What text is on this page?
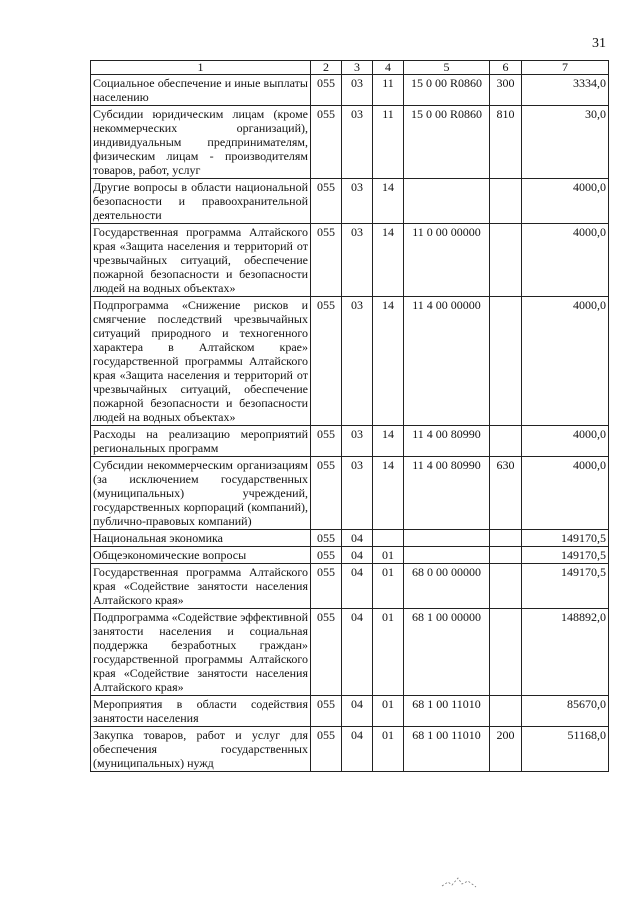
31
1	2	3	4	5	6	7
Социальное обеспечение и иные выплаты населению	055	03	11	15 0 00 R0860	300	3334,0
Субсидии юридическим лицам (кроме некоммерческих организаций), индивидуальным предпринимателям, физическим лицам - производителям товаров, работ, услуг	055	03	11	15 0 00 R0860	810	30,0
Другие вопросы в области национальной безопасности и правоохранительной деятельности	055	03	14			4000,0
Государственная программа Алтайского края «Защита населения и территорий от чрезвычайных ситуаций, обеспечение пожарной безопасности и безопасности людей на водных объектах»	055	03	14	11 0 00 00000		4000,0
Подпрограмма «Снижение рисков и смягчение последствий чрезвычайных ситуаций природного и техногенного характера в Алтайском крае» государственной программы Алтайского края «Защита населения и территорий от чрезвычайных ситуаций, обеспечение пожарной безопасности и безопасности людей на водных объектах»	055	03	14	11 4 00 00000		4000,0
Расходы на реализацию мероприятий региональных программ	055	03	14	11 4 00 80990		4000,0
Субсидии некоммерческим организациям (за исключением государственных (муниципальных) учреждений, государственных корпораций (компаний), публично-правовых компаний)	055	03	14	11 4 00 80990	630	4000,0
Национальная экономика	055	04				149170,5
Общеэкономические вопросы	055	04	01			149170,5
Государственная программа Алтайского края «Содействие занятости населения Алтайского края»	055	04	01	68 0 00 00000		149170,5
Подпрограмма «Содействие эффективной занятости населения и социальная поддержка безработных граждан» государственной программы Алтайского края «Содействие занятости населения Алтайского края»	055	04	01	68 1 00 00000		148892,0
Мероприятия в области содействия занятости населения	055	04	01	68 1 00 11010		85670,0
Закупка товаров, работ и услуг для обеспечения государственных (муниципальных) нужд	055	04	01	68 1 00 11010	200	51168,0
